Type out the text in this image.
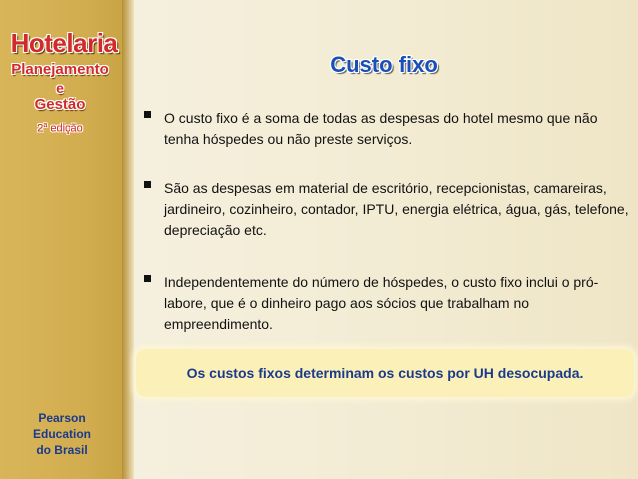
Hotelaria
Planejamento
e
Gestão
2$^a$ edição
Pearson
Education
do Brasil
Custo fixo
O custo fixo é a soma de todas as despesas do hotel mesmo que não tenha hóspedes ou não preste serviços.
São as despesas em material de escritório, recepcionistas, camareiras, jardineiro, cozinheiro, contador, IPTU, energia elétrica, água, gás, telefone, depreciação etc.
Independentemente do número de hóspedes, o custo fixo inclui o pró-labore, que é o dinheiro pago aos sócios que trabalham no empreendimento.
Os custos fixos determinam os custos por UH desocupada.
